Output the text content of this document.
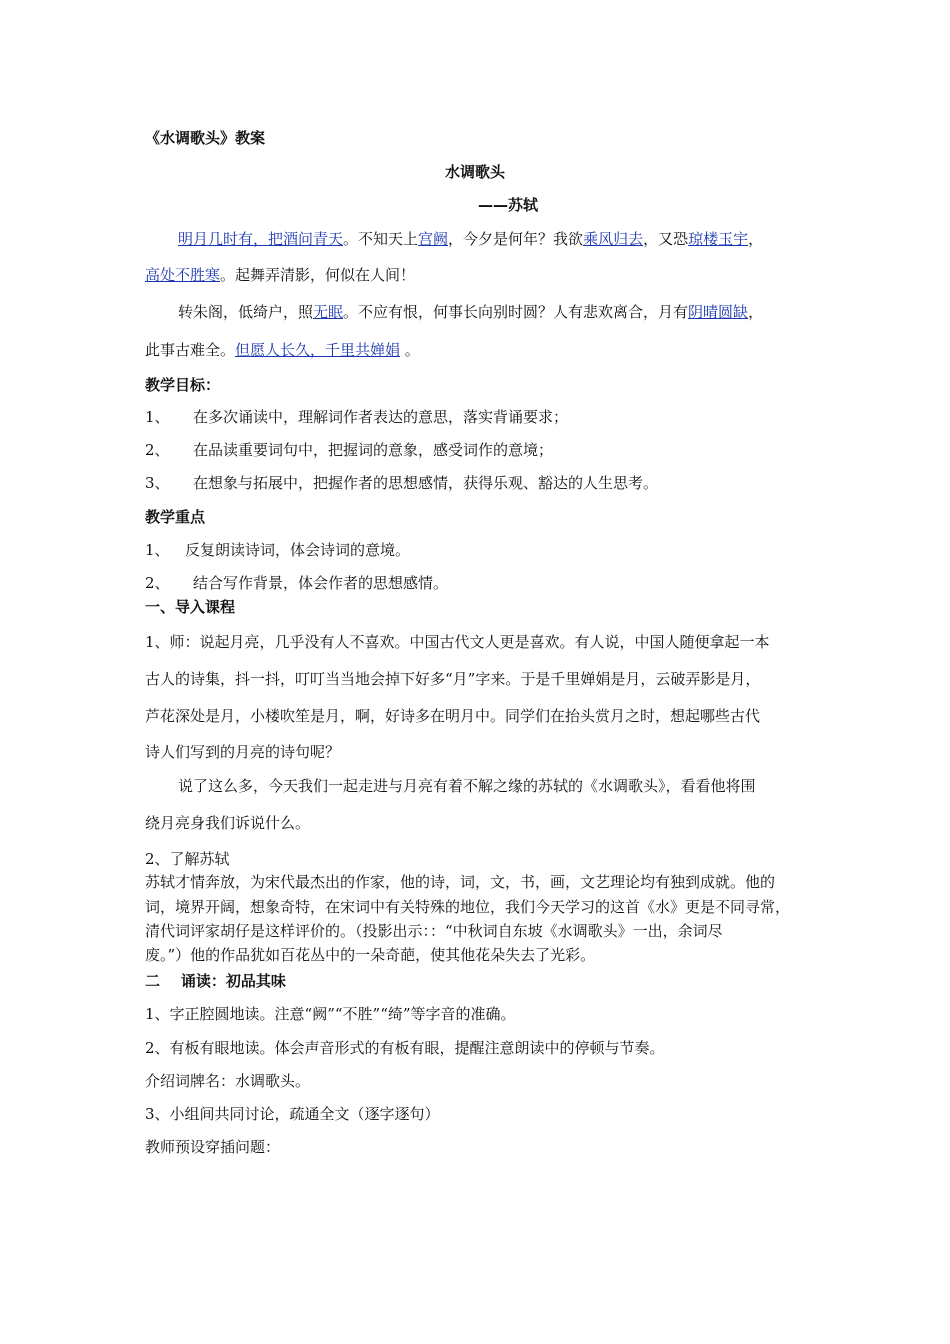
《水调歌头》教案
水调歌头
——苏轼
明月几时有，把酒问青天。不知天上宫阙，今夕是何年？我欲乘风归去，又恐琼楼玉宇，
高处不胜寒。起舞弄清影，何似在人间！
转朱阁，低绮户，照无眠。不应有恨，何事长向别时圆？人有悲欢离合，月有阴晴圆缺，
此事古难全。但愿人长久，千里共婵娟 。
教学目标：
1、 在多次诵读中，理解词作者表达的意思，落实背诵要求；
2、 在品读重要词句中，把握词的意象，感受词作的意境；
3、 在想象与拓展中，把握作者的思想感情，获得乐观、豁达的人生思考。
教学重点
1、 反复朗读诗词，体会诗词的意境。
2、 结合写作背景，体会作者的思想感情。
一、导入课程
1、师：说起月亮，几乎没有人不喜欢。中国古代文人更是喜欢。有人说，中国人随便拿起一本
古人的诗集，抖一抖，叮叮当当地会掉下好多“月”字来。于是千里婵娟是月，云破弄影是月，
芦花深处是月，小楼吹笙是月，啊，好诗多在明月中。同学们在抬头赏月之时，想起哪些古代
诗人们写到的月亮的诗句呢？
说了这么多，今天我们一起走进与月亮有着不解之缘的苏轼的《水调歌头》，看看他将围
绕月亮身我们诉说什么。
2、了解苏轼
苏轼才情奔放，为宋代最杰出的作家，他的诗，词，文，书，画，文艺理论均有独到成就。他的
词，境界开阔，想象奇特，在宋词中有关特殊的地位，我们今天学习的这首《水》更是不同寻常，
清代词评家胡仔是这样评价的。（投影出示：：“中秋词自东坡《水调歌头》一出，余词尽
废。”）他的作品犹如百花丛中的一朵奇葩，使其他花朵失去了光彩。
二    诵读：初品其味
1、字正腔圆地读。注意“阙”“不胜”“绮”等字音的准确。
2、有板有眼地读。体会声音形式的有板有眼，提醒注意朗读中的停顿与节奏。
介绍词牌名：水调歌头。
3、小组间共同讨论，疏通全文（逐字逐句）
教师预设穿插问题：
